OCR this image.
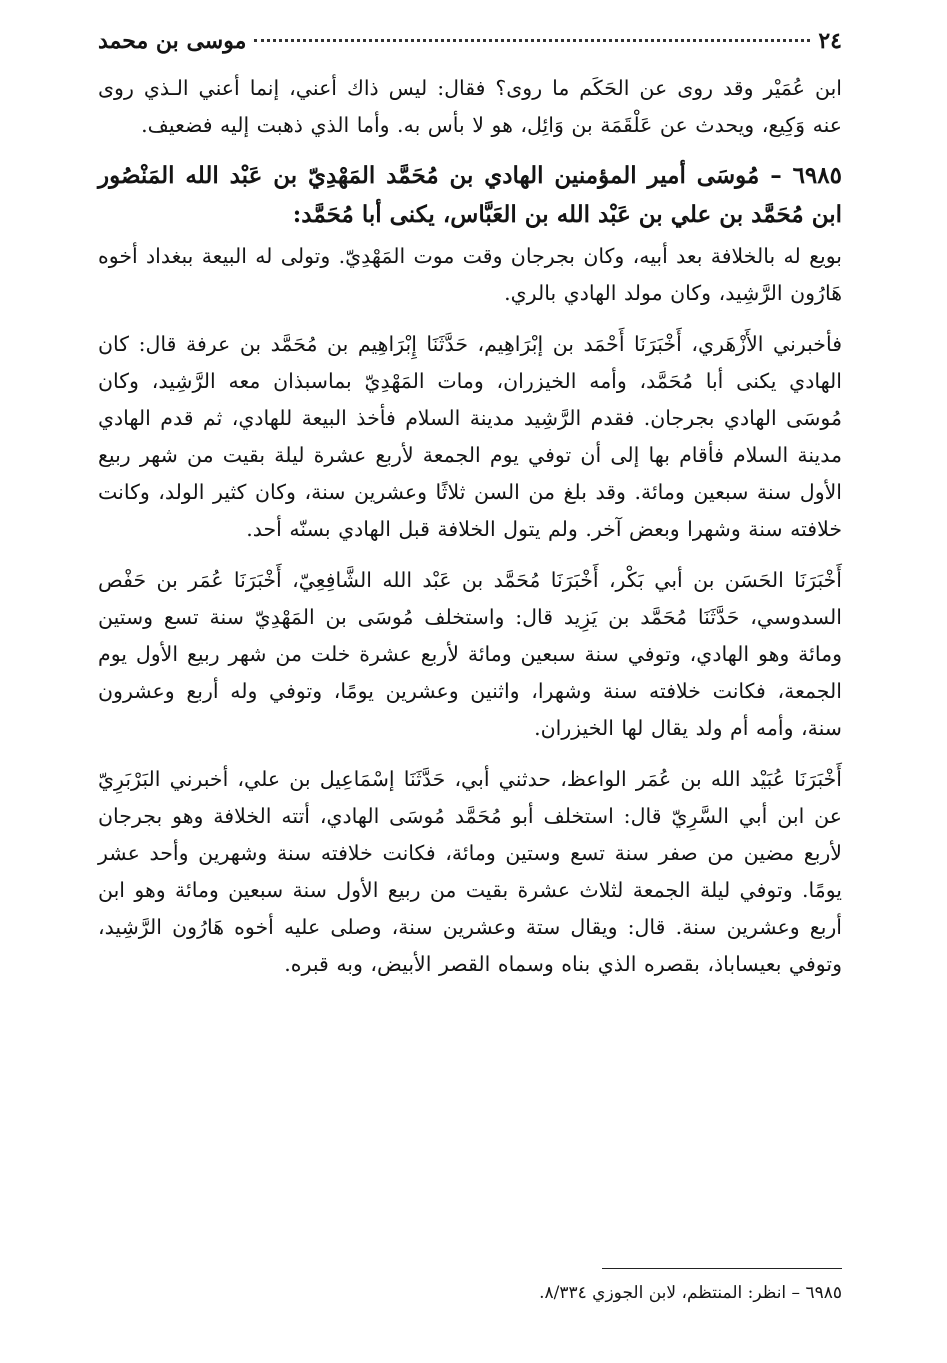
٢٤
موسى بن محمد

ابن عُمَيْر وقد روى عن الحَكَم ما روى؟ فقال: ليس ذاك أعني، إنما أعني الـذي روى عنه وَكِيع، ويحدث عن عَلْقَمَة بن وَائِل، هو لا بأس به. وأما الذي ذهبت إليه فضعيف.

٦٩٨٥ – مُوسَى أمير المؤمنين الهادي بن مُحَمَّد المَهْدِيّ بن عَبْد الله المَنْصُور ابن مُحَمَّد بن علي بن عَبْد الله بن العَبَّاس، يكنى أبا مُحَمَّد:

بويع له بالخلافة بعد أبيه، وكان بجرجان وقت موت المَهْدِيّ. وتولى له البيعة ببغداد أخوه هَارُون الرَّشِيد، وكان مولد الهادي بالري.

فأخبرني الأَزْهَري، أَخْبَرَنَا أَحْمَد بن إبْرَاهِيم، حَدَّثَنَا إِبْرَاهِيم بن مُحَمَّد بن عرفة قال: كان الهادي يكنى أبا مُحَمَّد، وأمه الخيزران، ومات المَهْدِيّ بماسبذان معه الرَّشِيد، وكان مُوسَى الهادي بجرجان. فقدم الرَّشِيد مدينة السلام فأخذ البيعة للهادي، ثم قدم الهادي مدينة السلام فأقام بها إلى أن توفي يوم الجمعة لأربع عشرة ليلة بقيت من شهر ربيع الأول سنة سبعين ومائة. وقد بلغ من السن ثلاثًا وعشرين سنة، وكان كثير الولد، وكانت خلافته سنة وشهرا وبعض آخر. ولم يتول الخلافة قبل الهادي بسنّه أحد.

أَخْبَرَنَا الحَسَن بن أبي بَكْر، أَخْبَرَنَا مُحَمَّد بن عَبْد الله الشَّافِعِيّ، أَخْبَرَنَا عُمَر بن حَفْص السدوسي، حَدَّثَنَا مُحَمَّد بن يَزِيد قال: واستخلف مُوسَى بن المَهْدِيّ سنة تسع وستين ومائة وهو الهادي، وتوفي سنة سبعين ومائة لأربع عشرة خلت من شهر ربيع الأول يوم الجمعة، فكانت خلافته سنة وشهرا، واثنين وعشرين يومًا، وتوفي وله أربع وعشرون سنة، وأمه أم ولد يقال لها الخيزران.

أَخْبَرَنَا عُبَيْد الله بن عُمَر الواعظ، حدثني أبي، حَدَّثَنَا إسْمَاعِيل بن علي، أخبرني البَرْبَرِيّ عن ابن أبي السَّرِيّ قال: استخلف أبو مُحَمَّد مُوسَى الهادي، أتته الخلافة وهو بجرجان لأربع مضين من صفر سنة تسع وستين ومائة، فكانت خلافته سنة وشهرين وأحد عشر يومًا. وتوفي ليلة الجمعة لثلاث عشرة بقيت من ربيع الأول سنة سبعين ومائة وهو ابن أربع وعشرين سنة. قال: ويقال ستة وعشرين سنة، وصلى عليه أخوه هَارُون الرَّشِيد، وتوفي بعيساباذ، بقصره الذي بناه وسماه القصر الأبيض، وبه قبره.

٦٩٨٥ – انظر: المنتظم، لابن الجوزي ٨/٣٣٤.
